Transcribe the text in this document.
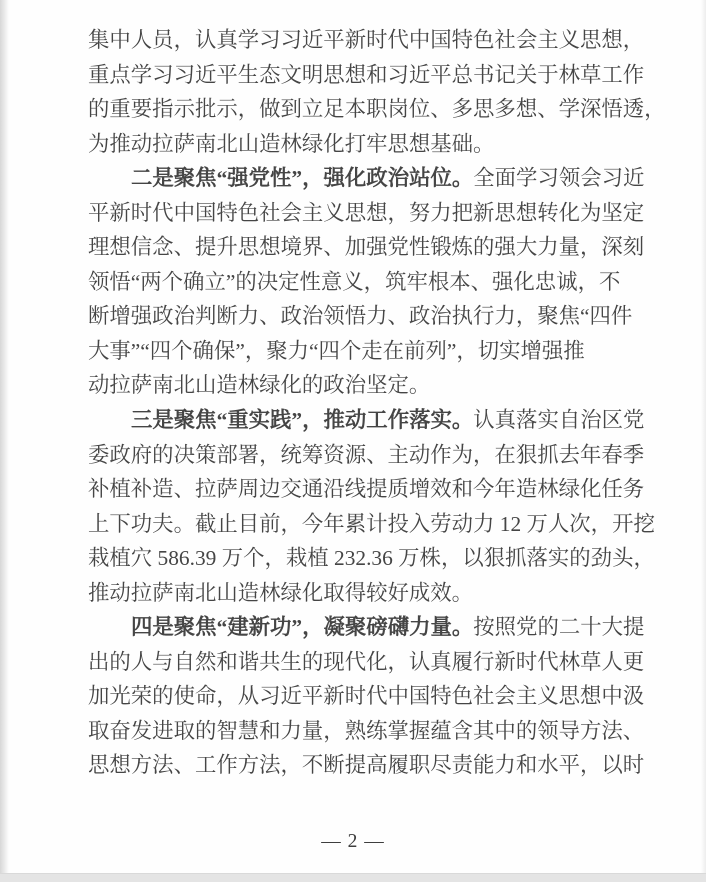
集中人员，认真学习习近平新时代中国特色社会主义思想，
重点学习习近平生态文明思想和习近平总书记关于林草工作
的重要指示批示，做到立足本职岗位、多思多想、学深悟透，
为推动拉萨南北山造林绿化打牢思想基础。
二是聚焦“强党性”，强化政治站位。全面学习领会习近
平新时代中国特色社会主义思想，努力把新思想转化为坚定
理想信念、提升思想境界、加强党性锻炼的强大力量，深刻
领悟“两个确立”的决定性意义，筑牢根本、强化忠诚，不
断增强政治判断力、政治领悟力、政治执行力，聚焦“四件
大事”“四个确保”，聚力“四个走在前列”，切实增强推
动拉萨南北山造林绿化的政治坚定。
三是聚焦“重实践”，推动工作落实。认真落实自治区党
委政府的决策部署，统筹资源、主动作为，在狠抓去年春季
补植补造、拉萨周边交通沿线提质增效和今年造林绿化任务
上下功夫。截止目前，今年累计投入劳动力 12 万人次，开挖
栽植穴 586.39 万个，栽植 232.36 万株，以狠抓落实的劲头，
推动拉萨南北山造林绿化取得较好成效。
四是聚焦“建新功”，凝聚磅礴力量。按照党的二十大提
出的人与自然和谐共生的现代化，认真履行新时代林草人更
加光荣的使命，从习近平新时代中国特色社会主义思想中汲
取奋发进取的智慧和力量，熟练掌握蕴含其中的领导方法、
思想方法、工作方法，不断提高履职尽责能力和水平，以时
— 2 —
